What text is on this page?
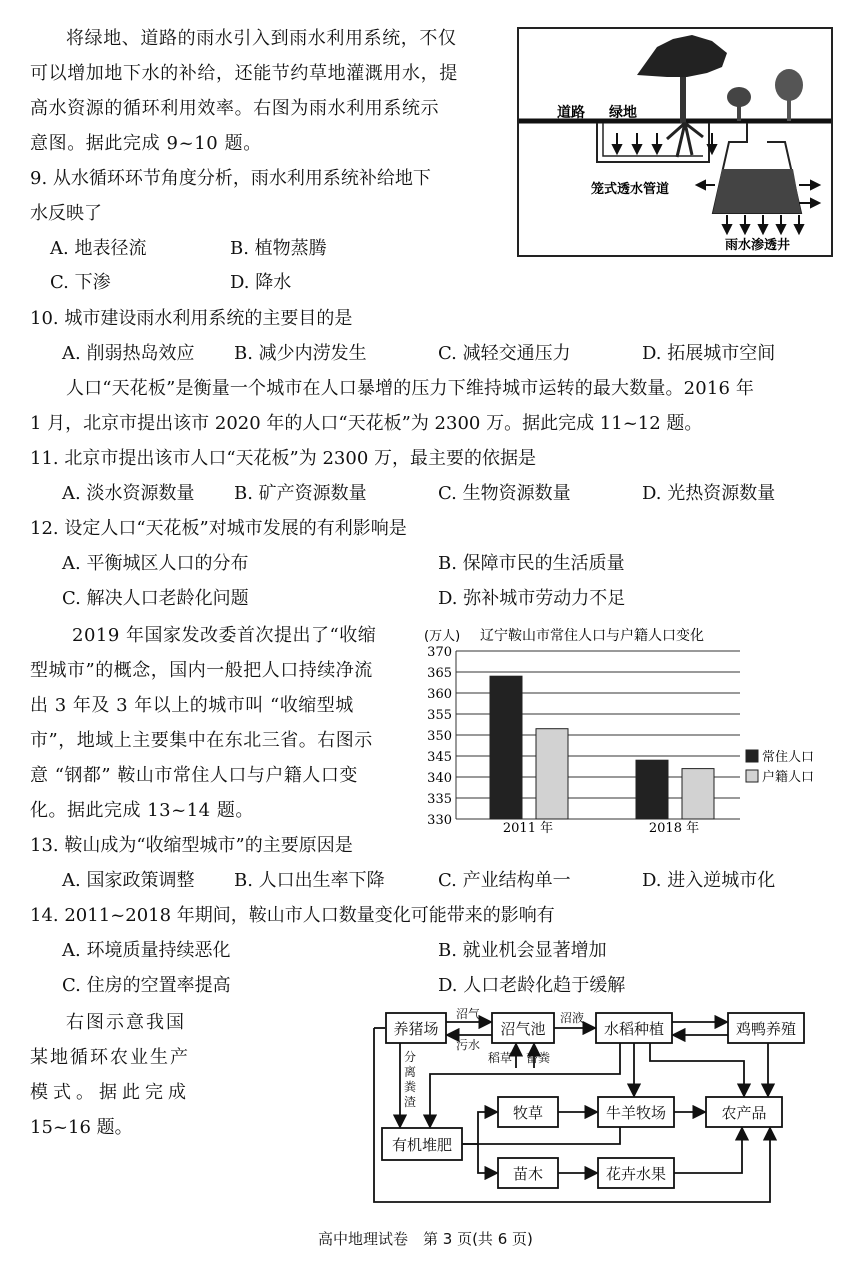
将绿地、道路的雨水引入到雨水利用系统，不仅
可以增加地下水的补给，还能节约草地灌溉用水，提
高水资源的循环利用效率。右图为雨水利用系统示
意图。据此完成 9~10 题。
9. 从水循环环节角度分析，雨水利用系统补给地下
水反映了
A. 地表径流	B. 植物蒸腾
C. 下渗	D. 降水
道路 绿地
笼式透水管道
雨水渗透井
10. 城市建设雨水利用系统的主要目的是
A. 削弱热岛效应 B. 减少内涝发生	C. 减轻交通压力	D. 拓展城市空间
人口“天花板”是衡量一个城市在人口暴增的压力下维持城市运转的最大数量。2016 年
1 月，北京市提出该市 2020 年的人口“天花板”为 2300 万。据此完成 11~12 题。
11. 北京市提出该市人口“天花板”为 2300 万，最主要的依据是
A. 淡水资源数量 B. 矿产资源数量	C. 生物资源数量	D. 光热资源数量
12. 设定人口“天花板”对城市发展的有利影响是
A. 平衡城区人口的分布	B. 保障市民的生活质量
C. 解决人口老龄化问题	D. 弥补城市劳动力不足
2019 年国家发改委首次提出了“收缩
型城市”的概念，国内一般把人口持续净流
出 3 年及 3 年以上的城市叫 “收缩型城
市”，地域上主要集中在东北三省。右图示
意 “钢都” 鞍山市常住人口与户籍人口变
化。据此完成 13~14 题。
(万人) 辽宁鞍山市常住人口与户籍人口变化
330
335
340
345
350
355
360
365
370
2011 年	2018 年
常住人口
户籍人口
13. 鞍山成为“收缩型城市”的主要原因是
A. 国家政策调整 B. 人口出生率下降	C. 产业结构单一	D. 进入逆城市化
14. 2011~2018 年期间，鞍山市人口数量变化可能带来的影响有
A. 环境质量持续恶化	B. 就业机会显著增加
C. 住房的空置率提高	D. 人口老龄化趋于缓解
右图示意我国
某地循环农业生产
模式。据此完成
15~16 题。
养猪场	沼气池	水稻种植	鸡鸭养殖
有机堆肥
牧草	牛羊牧场	农产品
苗木	花卉水果
沼气
污水
沼液
稻草 畜粪
分
离
粪
渣
高中地理试卷　第 3 页(共 6 页)
